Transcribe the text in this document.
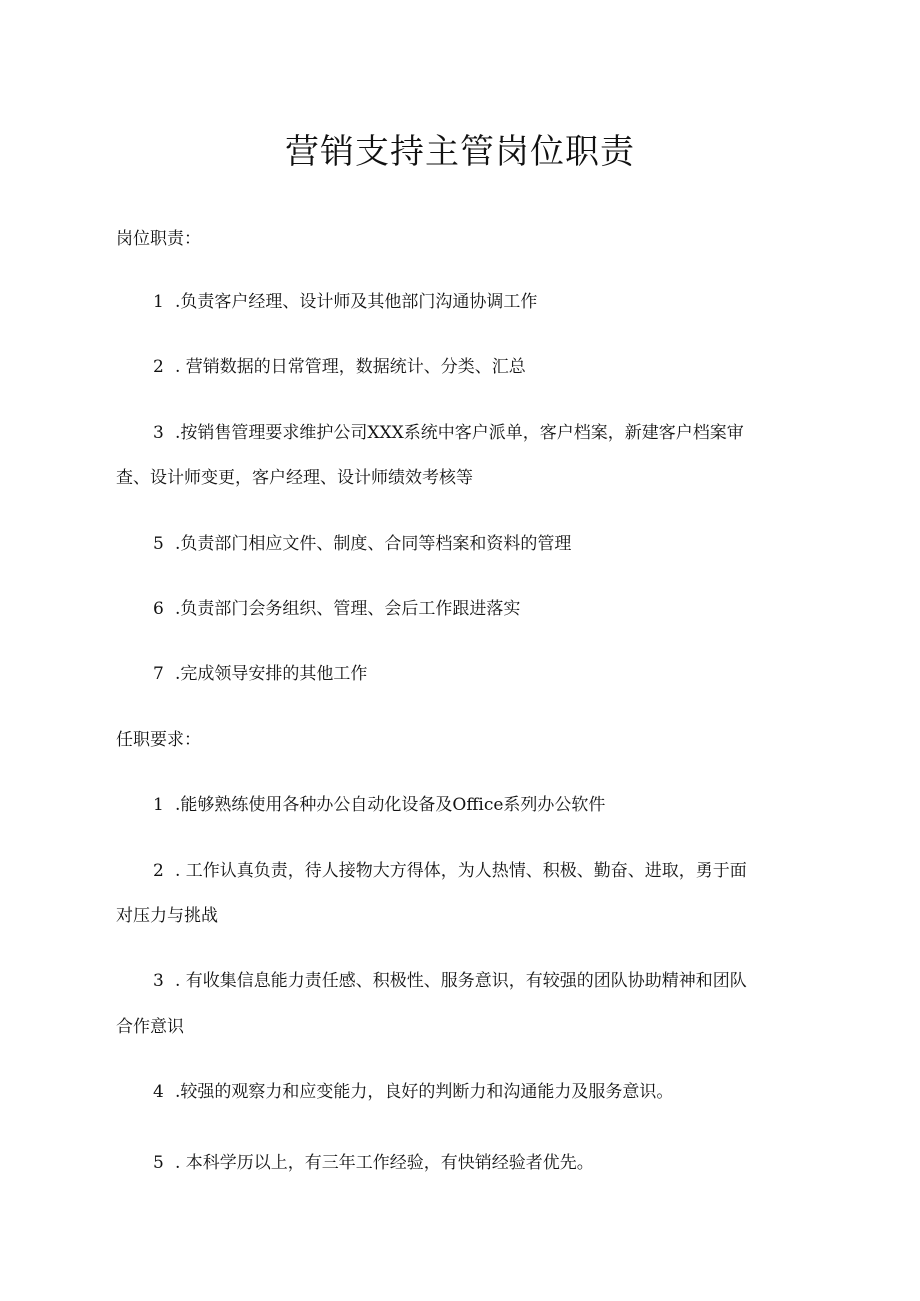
营销支持主管岗位职责
岗位职责：
1 .负责客户经理、设计师及其他部门沟通协调工作
2 . 营销数据的日常管理，数据统计、分类、汇总
3 .按销售管理要求维护公司XXX系统中客户派单，客户档案，新建客户档案审
查、设计师变更，客户经理、设计师绩效考核等
5 .负责部门相应文件、制度、合同等档案和资料的管理
6 .负责部门会务组织、管理、会后工作跟进落实
7 .完成领导安排的其他工作
任职要求：
1 .能够熟练使用各种办公自动化设备及Office系列办公软件
2 . 工作认真负责，待人接物大方得体，为人热情、积极、勤奋、进取，勇于面
对压力与挑战
3 . 有收集信息能力责任感、积极性、服务意识，有较强的团队协助精神和团队
合作意识
4 .较强的观察力和应变能力，良好的判断力和沟通能力及服务意识。
5 . 本科学历以上，有三年工作经验，有快销经验者优先。
